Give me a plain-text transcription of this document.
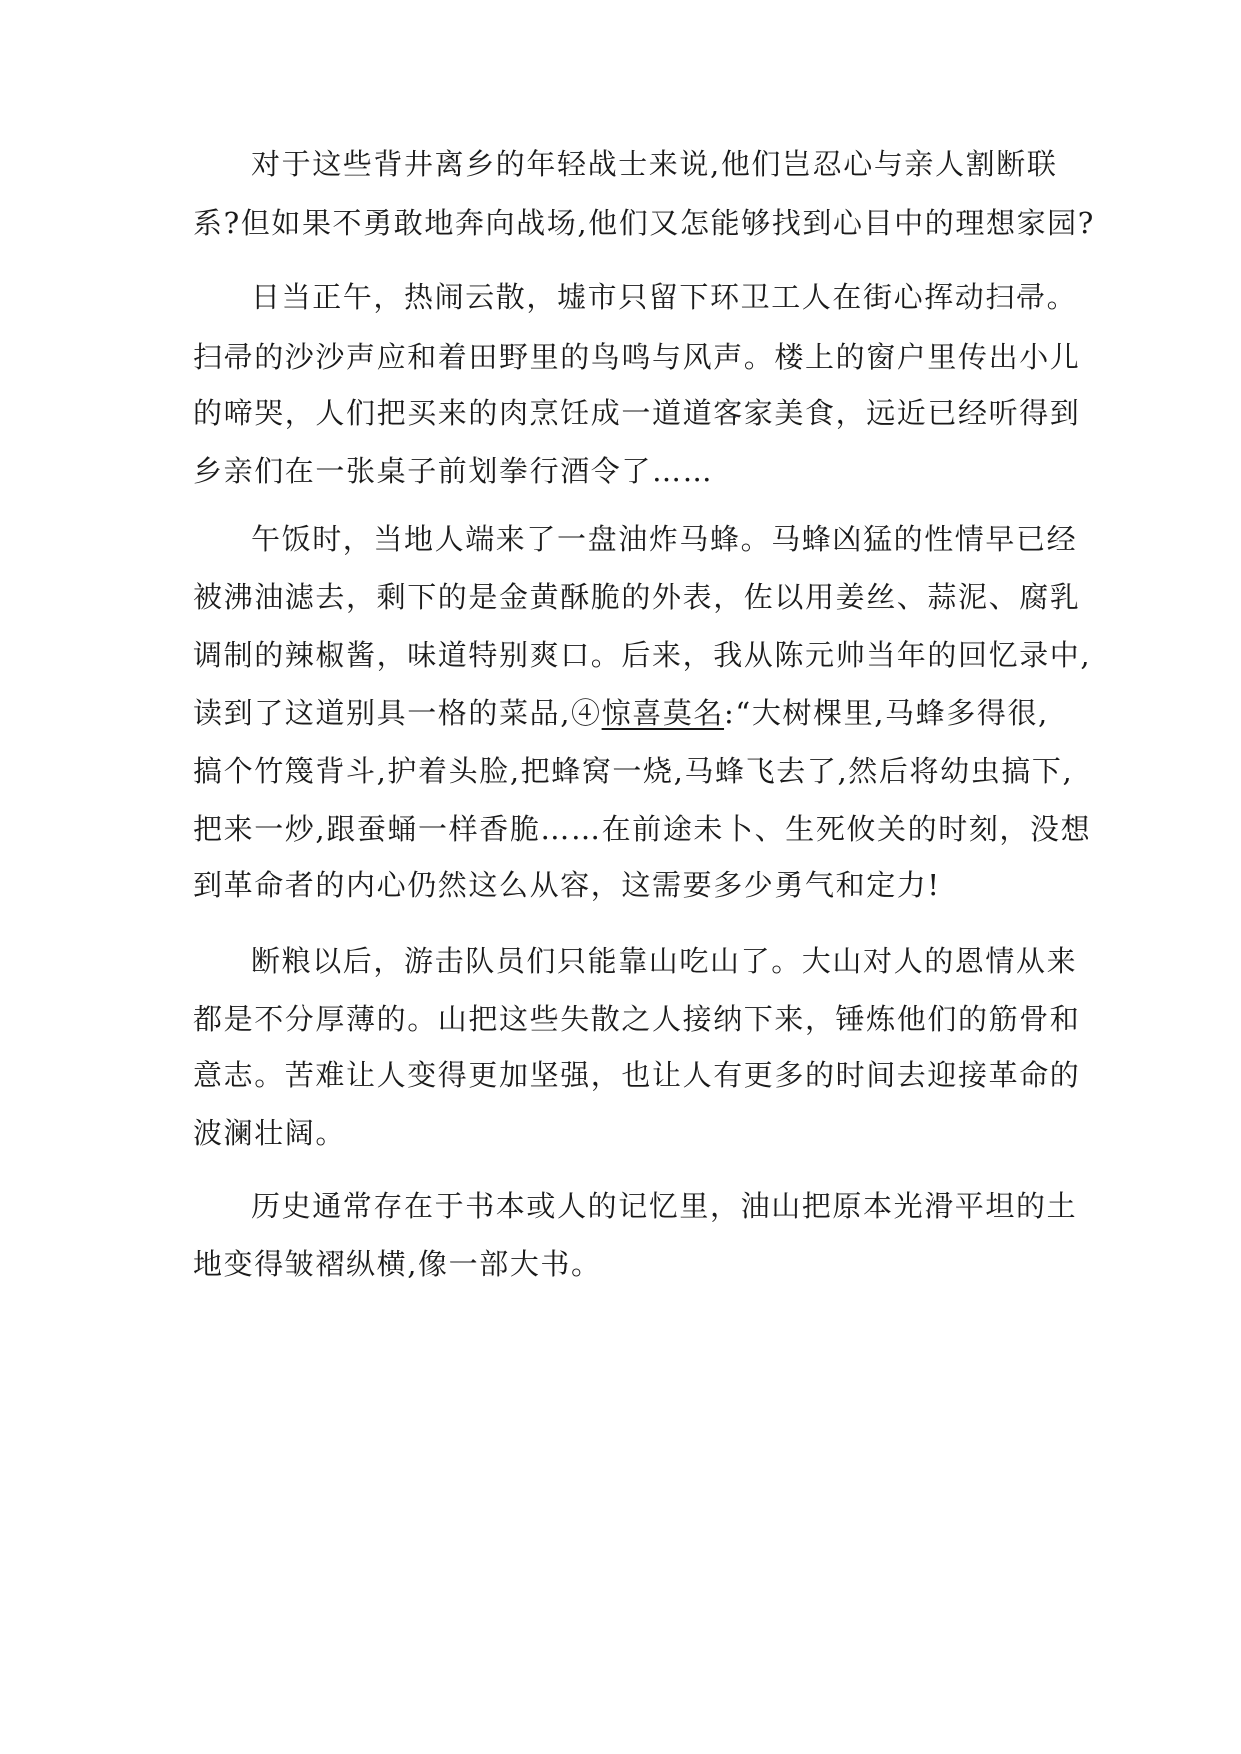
对于这些背井离乡的年轻战士来说,他们岂忍心与亲人割断联

系?但如果不勇敢地奔向战场,他们又怎能够找到心目中的理想家园?

日当正午，热闹云散，墟市只留下环卫工人在街心挥动扫帚。

扫帚的沙沙声应和着田野里的鸟鸣与风声。楼上的窗户里传出小儿

的啼哭，人们把买来的肉烹饪成一道道客家美食，远近已经听得到

乡亲们在一张桌子前划拳行酒令了……

午饭时，当地人端来了一盘油炸马蜂。马蜂凶猛的性情早已经

被沸油滤去，剩下的是金黄酥脆的外表，佐以用姜丝、蒜泥、腐乳

调制的辣椒酱，味道特别爽口。后来，我从陈元帅当年的回忆录中,

读到了这道别具一格的菜品,④惊喜莫名:“大树棵里,马蜂多得很,

搞个竹篾背斗,护着头脸,把蜂窝一烧,马蜂飞去了,然后将幼虫搞下,

把来一炒,跟蚕蛹一样香脆……在前途未卜、生死攸关的时刻，没想

到革命者的内心仍然这么从容，这需要多少勇气和定力!

断粮以后，游击队员们只能靠山吃山了。大山对人的恩情从来

都是不分厚薄的。山把这些失散之人接纳下来，锤炼他们的筋骨和

意志。苦难让人变得更加坚强，也让人有更多的时间去迎接革命的

波澜壮阔。

历史通常存在于书本或人的记忆里，油山把原本光滑平坦的土

地变得皱褶纵横,像一部大书。
